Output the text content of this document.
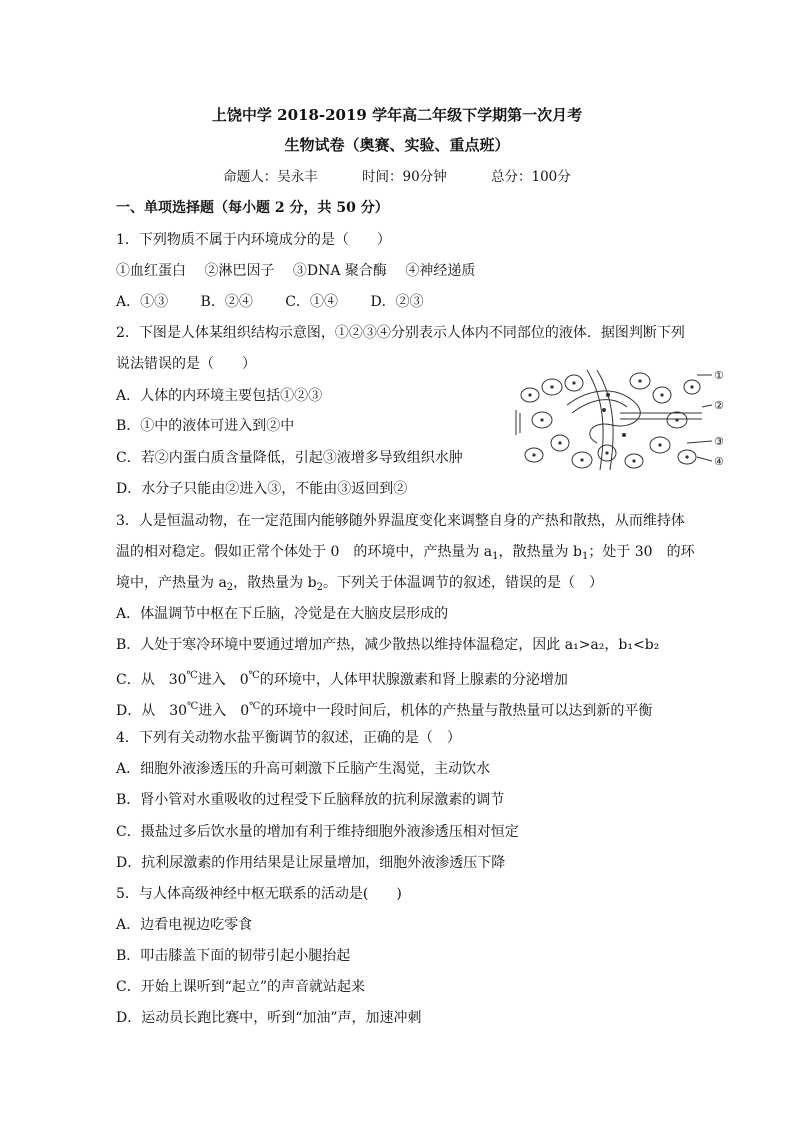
上饶中学 2018-2019 学年高二年级下学期第一次月考
生物试卷（奥赛、实验、重点班）
命题人：吴永丰	时间：90分钟	总分：100分
一、单项选择题（每小题 2 分，共 50 分）
1．下列物质不属于内环境成分的是（　　）
①血红蛋白　 ②淋巴因子　 ③DNA 聚合酶　 ④神经递质
A．①③　　 B．②④　　 C．①④　　 D．②③
2．下图是人体某组织结构示意图，①②③④分别表示人体内不同部位的液体．据图判断下列
说法错误的是（　　）
A．人体的内环境主要包括①②③
B．①中的液体可进入到②中
C．若②内蛋白质含量降低，引起③液增多导致组织水肿
D．水分子只能由②进入③，不能由③返回到②
①
②
③
④
3．人是恒温动物，在一定范围内能够随外界温度变化来调整自身的产热和散热，从而维持体
温的相对稳定。假如正常个体处于 0　的环境中，产热量为 $a_1$，散热量为 $b_1$；处于 30　的环
境中，产热量为 $a_2$，散热量为 $b_2$。下列关于体温调节的叙述，错误的是（　）
A．体温调节中枢在下丘脑，冷觉是在大脑皮层形成的
B．人处于寒冷环境中要通过增加产热，减少散热以维持体温稳定，因此 a₁>a₂，b₁<b₂
C．从　30℃进入　0℃的环境中，人体甲状腺激素和肾上腺素的分泌增加
D．从　30℃进入　0℃的环境中一段时间后，机体的产热量与散热量可以达到新的平衡
4．下列有关动物水盐平衡调节的叙述，正确的是（　）
A．细胞外液渗透压的升高可刺激下丘脑产生渴觉，主动饮水
B．肾小管对水重吸收的过程受下丘脑释放的抗利尿激素的调节
C．摄盐过多后饮水量的增加有利于维持细胞外液渗透压相对恒定
D．抗利尿激素的作用结果是让尿量增加，细胞外液渗透压下降
5．与人体高级神经中枢无联系的活动是(　　)
A．边看电视边吃零食
B．叩击膝盖下面的韧带引起小腿抬起
C．开始上课听到“起立”的声音就站起来
D．运动员长跑比赛中，听到“加油”声，加速冲刺
